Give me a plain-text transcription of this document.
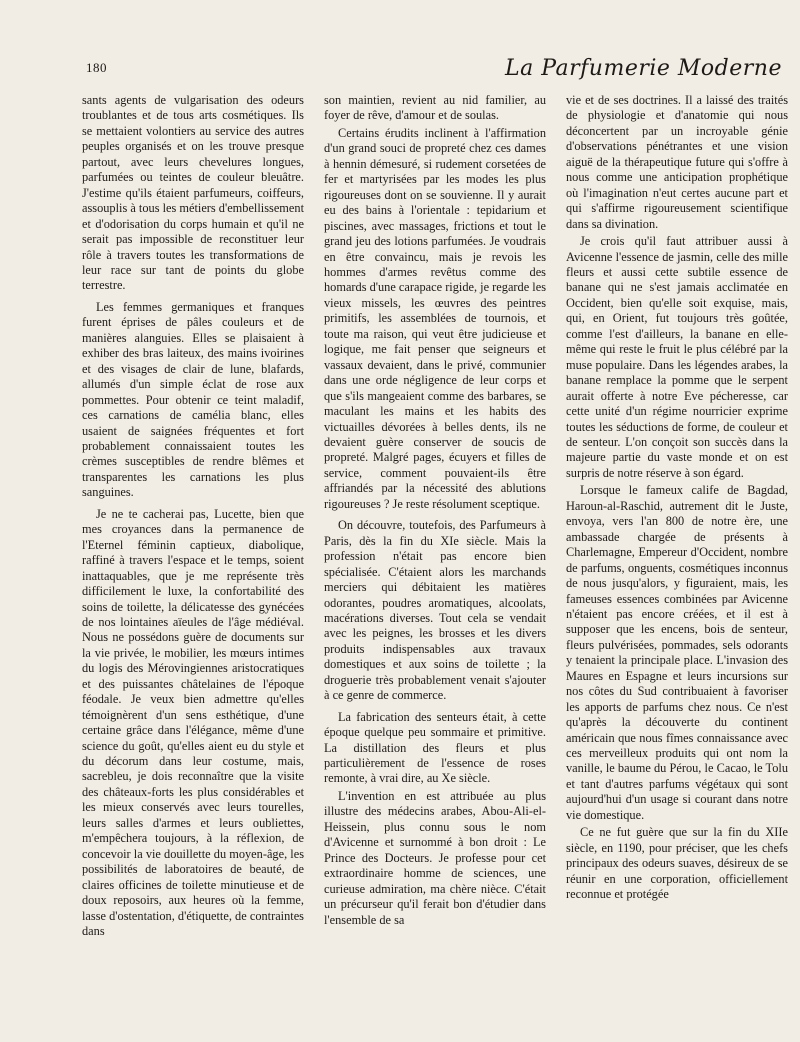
180	La Parfumerie Moderne

sants agents de vulgarisation des odeurs troublantes et de tous arts cosmétiques. Ils se mettaient volontiers au service des autres peuples organisés et on les trouve presque partout, avec leurs chevelures longues, parfumées ou teintes de couleur bleuâtre. J'estime qu'ils étaient parfumeurs, coiffeurs, assouplis à tous les métiers d'embellissement et d'odorisation du corps humain et qu'il ne serait pas impossible de reconstituer leur rôle à travers toutes les transformations de leur race sur tant de points du globe terrestre.

Les femmes germaniques et franques furent éprises de pâles couleurs et de manières alanguies. Elles se plaisaient à exhiber des bras laiteux, des mains ivoirines et des visages de clair de lune, blafards, allumés d'un simple éclat de rose aux pommettes. Pour obtenir ce teint maladif, ces carnations de camélia blanc, elles usaient de saignées fréquentes et fort probablement connaissaient toutes les crèmes susceptibles de rendre blêmes et transparentes les carnations les plus sanguines.

Je ne te cacherai pas, Lucette, bien que mes croyances dans la permanence de l'Eternel féminin captieux, diabolique, raffiné à travers l'espace et le temps, soient inattaquables, que je me représente très difficilement le luxe, la confortabilité des soins de toilette, la délicatesse des gynécées de nos lointaines aïeules de l'âge médiéval. Nous ne possédons guère de documents sur la vie privée, le mobilier, les mœurs intimes du logis des Mérovingiennes aristocratiques et des puissantes châtelaines de l'époque féodale. Je veux bien admettre qu'elles témoignèrent d'un sens esthétique, d'une certaine grâce dans l'élégance, même d'une science du goût, qu'elles aient eu du style et du décorum dans leur costume, mais, sacrebleu, je dois reconnaître que la visite des châteaux-forts les plus considérables et les mieux conservés avec leurs tourelles, leurs salles d'armes et leurs oubliettes, m'empêchera toujours, à la réflexion, de concevoir la vie douillette du moyen-âge, les possibilités de laboratoires de beauté, de claires officines de toilette minutieuse et de doux reposoirs, aux heures où la femme, lasse d'ostentation, d'étiquette, de contraintes dans

son maintien, revient au nid familier, au foyer de rêve, d'amour et de soulas.

Certains érudits inclinent à l'affirmation d'un grand souci de propreté chez ces dames à hennin démesuré, si rudement corsetées de fer et martyrisées par les modes les plus rigoureuses dont on se souvienne. Il y aurait eu des bains à l'orientale : tepidarium et piscines, avec massages, frictions et tout le grand jeu des lotions parfumées. Je voudrais en être convaincu, mais je revois les hommes d'armes revêtus comme des homards d'une carapace rigide, je regarde les vieux missels, les œuvres des peintres primitifs, les assemblées de tournois, et toute ma raison, qui veut être judicieuse et logique, me fait penser que seigneurs et vassaux devaient, dans le privé, communier dans une orde négligence de leur corps et que s'ils mangeaient comme des barbares, se maculant les mains et les habits des victuailles dévorées à belles dents, ils ne devaient guère conserver de soucis de propreté. Malgré pages, écuyers et filles de service, comment pouvaient-ils être affriandés par la nécessité des ablutions rigoureuses ? Je reste résolument sceptique.

On découvre, toutefois, des Parfumeurs à Paris, dès la fin du XIe siècle. Mais la profession n'était pas encore bien spécialisée. C'étaient alors les marchands merciers qui débitaient les matières odorantes, poudres aromatiques, alcoolats, macérations diverses. Tout cela se vendait avec les peignes, les brosses et les divers produits indispensables aux travaux domestiques et aux soins de toilette ; la droguerie très probablement venait s'ajouter à ce genre de commerce.

La fabrication des senteurs était, à cette époque quelque peu sommaire et primitive. La distillation des fleurs et plus particulièrement de l'essence de roses remonte, à vrai dire, au Xe siècle.

L'invention en est attribuée au plus illustre des médecins arabes, Abou-Ali-el-Heissein, plus connu sous le nom d'Avicenne et surnommé à bon droit : Le Prince des Docteurs. Je professe pour cet extraordinaire homme de sciences, une curieuse admiration, ma chère nièce. C'était un précurseur qu'il ferait bon d'étudier dans l'ensemble de sa

vie et de ses doctrines. Il a laissé des traités de physiologie et d'anatomie qui nous déconcertent par un incroyable génie d'observations pénétrantes et une vision aiguë de la thérapeutique future qui s'offre à nous comme une anticipation prophétique où l'imagination n'eut certes aucune part et qui s'affirme rigoureusement scientifique dans sa divination.

Je crois qu'il faut attribuer aussi à Avicenne l'essence de jasmin, celle des mille fleurs et aussi cette subtile essence de banane qui ne s'est jamais acclimatée en Occident, bien qu'elle soit exquise, mais, qui, en Orient, fut toujours très goûtée, comme l'est d'ailleurs, la banane en elle-même qui reste le fruit le plus célébré par la muse populaire. Dans les légendes arabes, la banane remplace la pomme que le serpent aurait offerte à notre Eve pécheresse, car cette unité d'un régime nourricier exprime toutes les séductions de forme, de couleur et de senteur. L'on conçoit son succès dans la majeure partie du vaste monde et on est surpris de notre réserve à son égard.

Lorsque le fameux calife de Bagdad, Haroun-al-Raschid, autrement dit le Juste, envoya, vers l'an 800 de notre ère, une ambassade chargée de présents à Charlemagne, Empereur d'Occident, nombre de parfums, onguents, cosmétiques inconnus de nous jusqu'alors, y figuraient, mais, les fameuses essences combinées par Avicenne n'étaient pas encore créées, et il est à supposer que les encens, bois de senteur, fleurs pulvérisées, pommades, sels odorants y tenaient la principale place. L'invasion des Maures en Espagne et leurs incursions sur nos côtes du Sud contribuaient à favoriser les apports de parfums chez nous. Ce n'est qu'après la découverte du continent américain que nous fîmes connaissance avec ces merveilleux produits qui ont nom la vanille, le baume du Pérou, le Cacao, le Tolu et tant d'autres parfums végétaux qui sont aujourd'hui d'un usage si courant dans notre vie domestique.

Ce ne fut guère que sur la fin du XIIe siècle, en 1190, pour préciser, que les chefs principaux des odeurs suaves, désireux de se réunir en une corporation, officiellement reconnue et protégée
